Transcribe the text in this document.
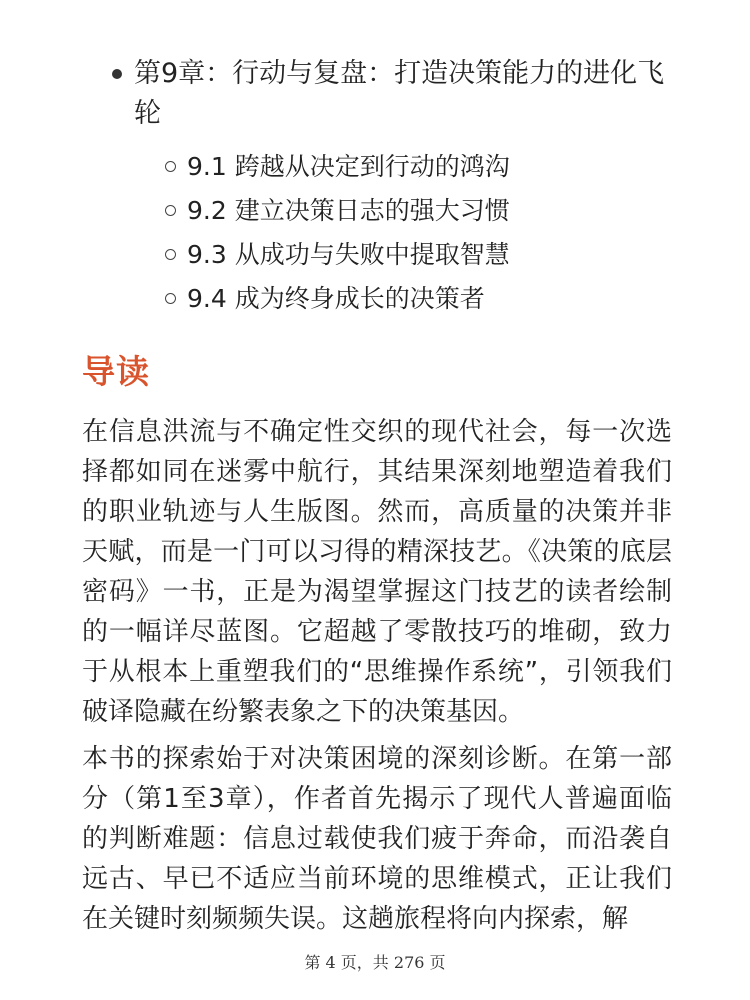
第9章：行动与复盘：打造决策能力的进化飞轮
9.1 跨越从决定到行动的鸿沟
9.2 建立决策日志的强大习惯
9.3 从成功与失败中提取智慧
9.4 成为终身成长的决策者
导读

在信息洪流与不确定性交织的现代社会，每一次选择都如同在迷雾中航行，其结果深刻地塑造着我们的职业轨迹与人生版图。然而，高质量的决策并非天赋，而是一门可以习得的精深技艺。《决策的底层密码》一书，正是为渴望掌握这门技艺的读者绘制的一幅详尽蓝图。它超越了零散技巧的堆砌，致力于从根本上重塑我们的“思维操作系统”，引领我们破译隐藏在纷繁表象之下的决策基因。

本书的探索始于对决策困境的深刻诊断。在第一部分（第1至3章），作者首先揭示了现代人普遍面临的判断难题：信息过载使我们疲于奔命，而沿袭自远古、早已不适应当前环境的思维模式，正让我们在关键时刻频频失误。这趟旅程将向内探索，解

第 4 页，共 276 页
